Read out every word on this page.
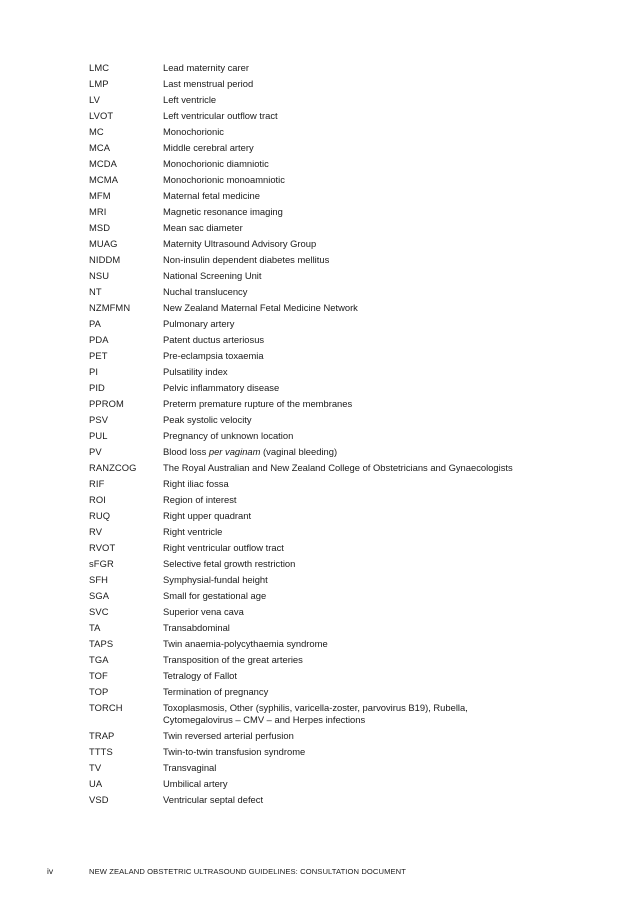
LMC	Lead maternity carer
LMP	Last menstrual period
LV	Left ventricle
LVOT	Left ventricular outflow tract
MC	Monochorionic
MCA	Middle cerebral artery
MCDA	Monochorionic diamniotic
MCMA	Monochorionic monoamniotic
MFM	Maternal fetal medicine
MRI	Magnetic resonance imaging
MSD	Mean sac diameter
MUAG	Maternity Ultrasound Advisory Group
NIDDM	Non-insulin dependent diabetes mellitus
NSU	National Screening Unit
NT	Nuchal translucency
NZMFMN	New Zealand Maternal Fetal Medicine Network
PA	Pulmonary artery
PDA	Patent ductus arteriosus
PET	Pre-eclampsia toxaemia
PI	Pulsatility index
PID	Pelvic inflammatory disease
PPROM	Preterm premature rupture of the membranes
PSV	Peak systolic velocity
PUL	Pregnancy of unknown location
PV	Blood loss per vaginam (vaginal bleeding)
RANZCOG	The Royal Australian and New Zealand College of Obstetricians and Gynaecologists
RIF	Right iliac fossa
ROI	Region of interest
RUQ	Right upper quadrant
RV	Right ventricle
RVOT	Right ventricular outflow tract
sFGR	Selective fetal growth restriction
SFH	Symphysial-fundal height
SGA	Small for gestational age
SVC	Superior vena cava
TA	Transabdominal
TAPS	Twin anaemia-polycythaemia syndrome
TGA	Transposition of the great arteries
TOF	Tetralogy of Fallot
TOP	Termination of pregnancy
TORCH	Toxoplasmosis, Other (syphilis, varicella-zoster, parvovirus B19), Rubella,
Cytomegalovirus – CMV – and Herpes infections
TRAP	Twin reversed arterial perfusion
TTTS	Twin-to-twin transfusion syndrome
TV	Transvaginal
UA	Umbilical artery
VSD	Ventricular septal defect
iv	NEW ZEALAND OBSTETRIC ULTRASOUND GUIDELINES: CONSULTATION DOCUMENT
